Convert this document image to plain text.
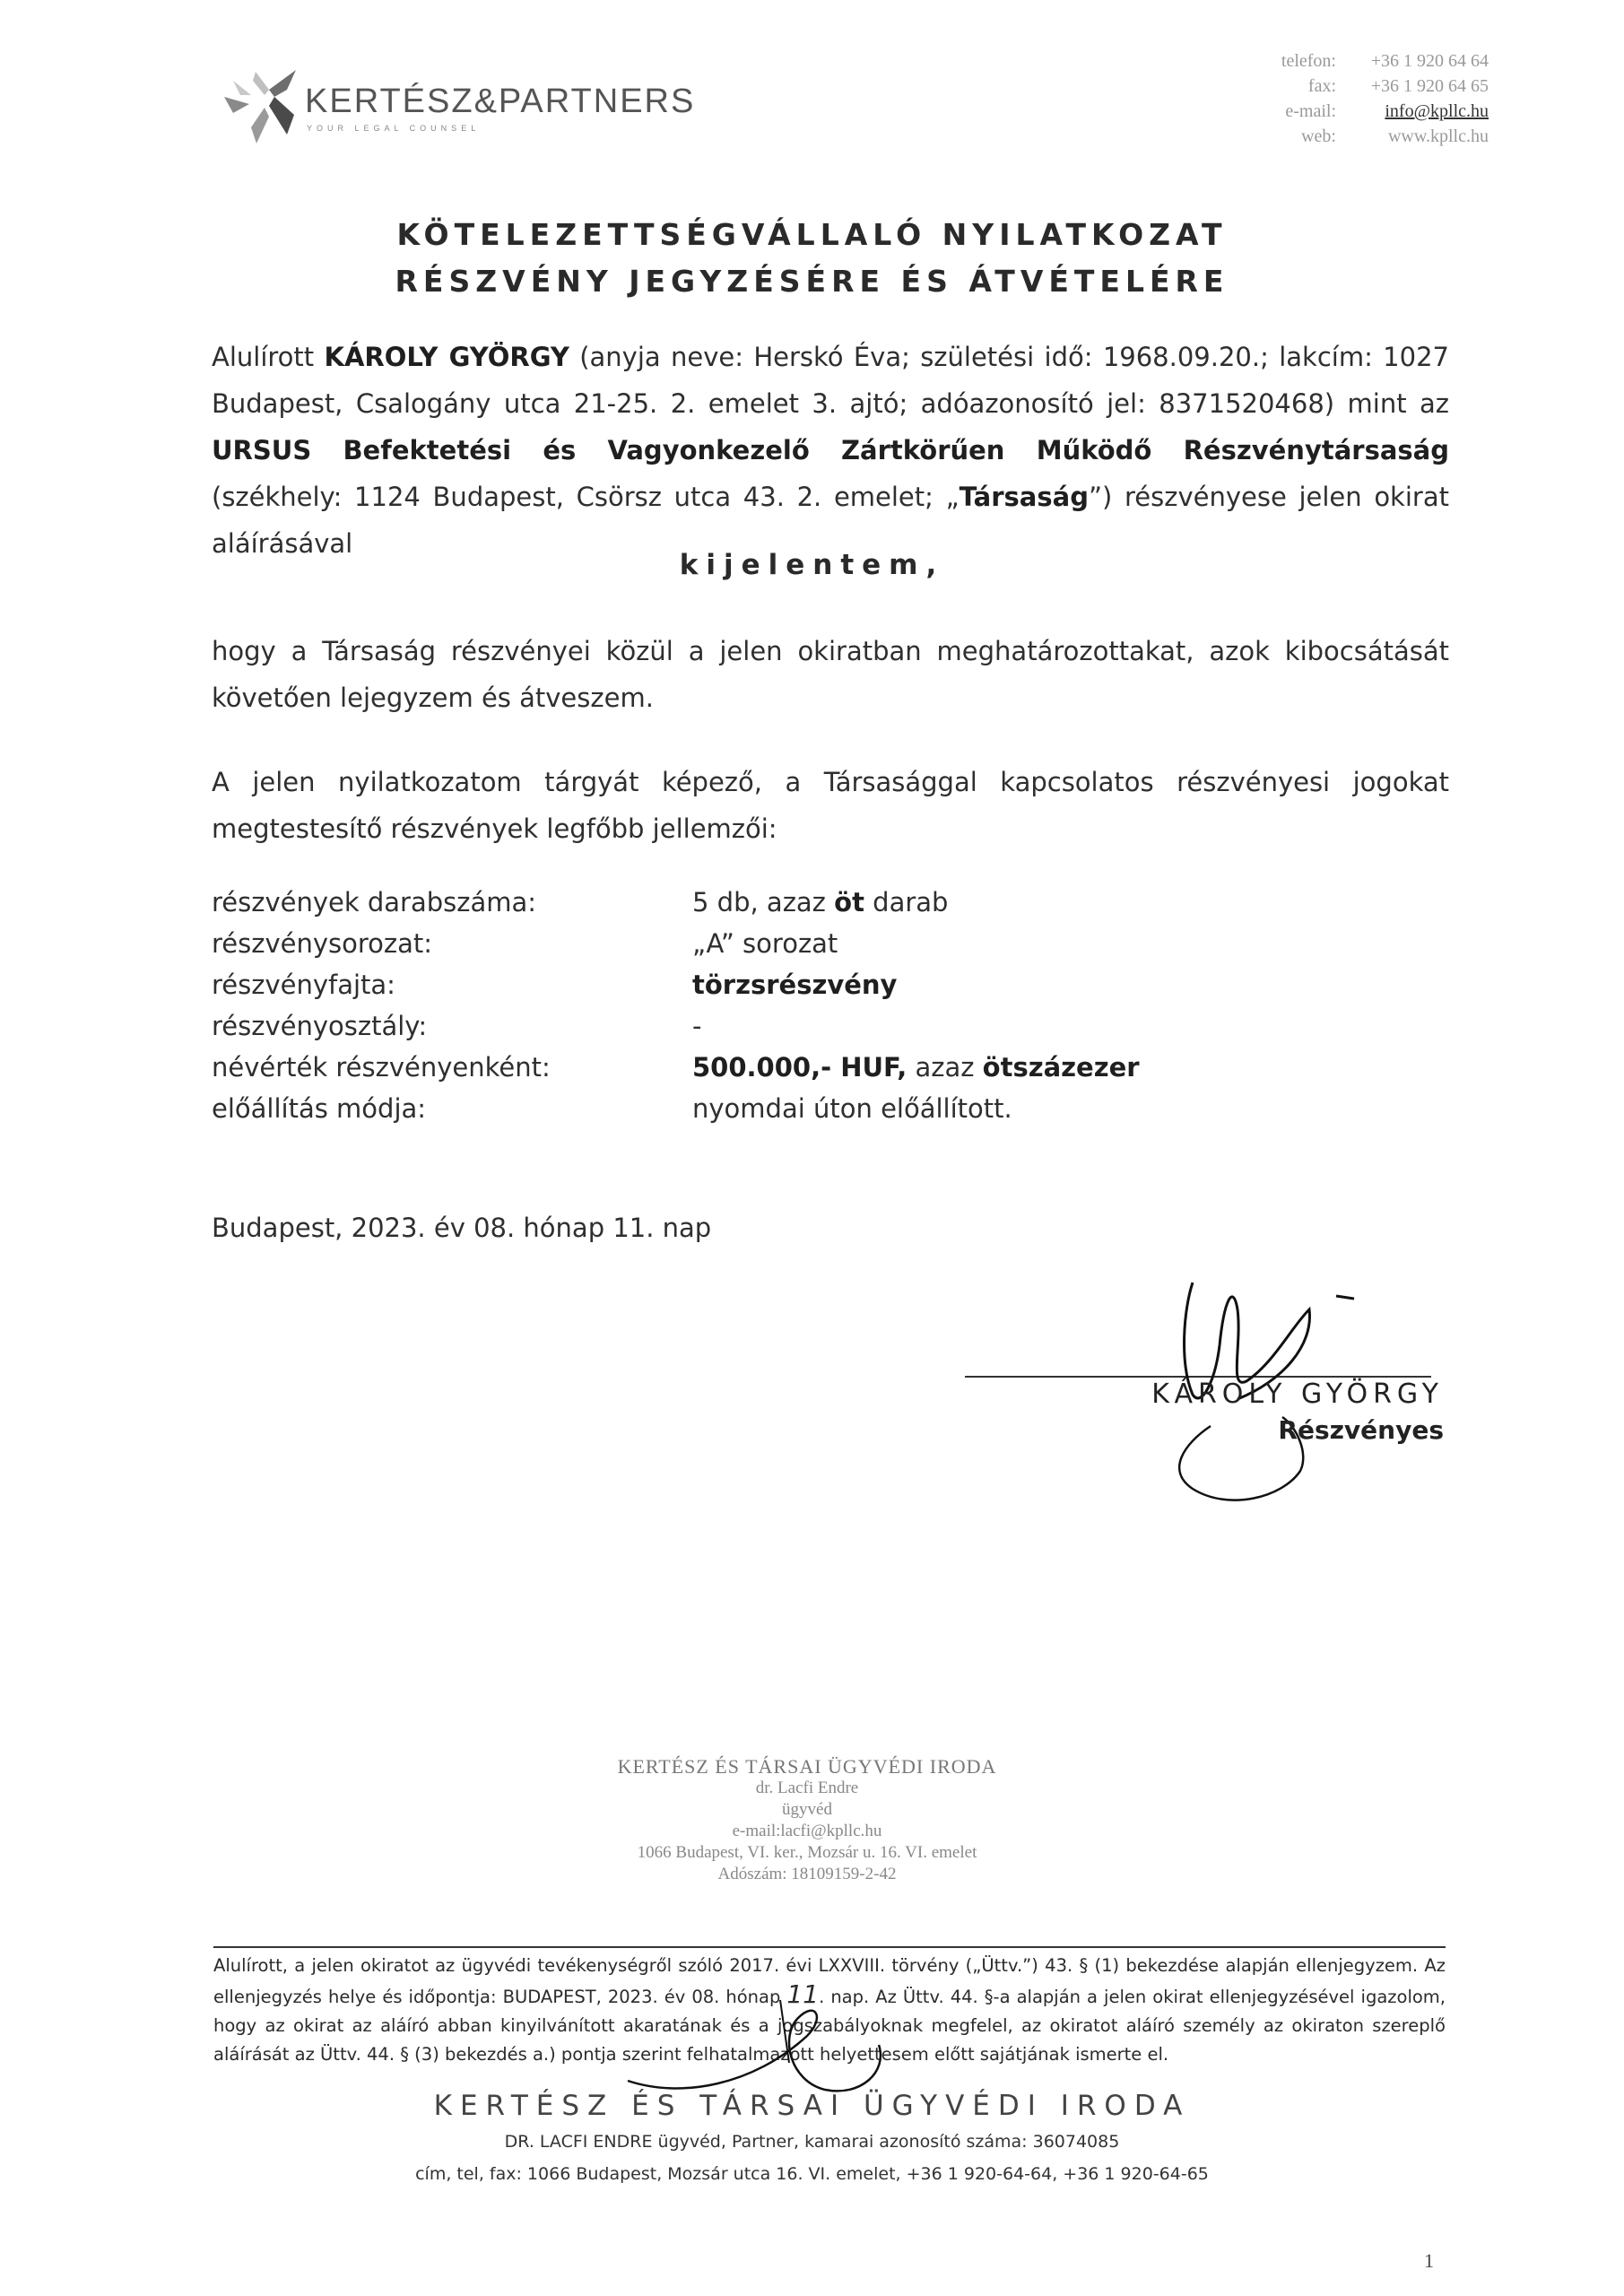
KERTÉSZ&PARTNERS
YOUR LEGAL COUNSEL
telefon:	+36 1 920 64 64
fax:	+36 1 920 64 65
e-mail:	info@kpllc.hu
web:	www.kpllc.hu
KÖTELEZETTSÉGVÁLLALÓ NYILATKOZAT
RÉSZVÉNY JEGYZÉSÉRE ÉS ÁTVÉTELÉRE
Alulírott KÁROLY GYÖRGY (anyja neve: Herskó Éva; születési idő: 1968.09.20.; lakcím: 1027 Budapest, Csalogány utca 21-25. 2. emelet 3. ajtó; adóazonosító jel: 8371520468) mint az URSUS Befektetési és Vagyonkezelő Zártkörűen Működő Részvénytársaság (székhely: 1124 Budapest, Csörsz utca 43. 2. emelet; „Társaság”) részvényese jelen okirat aláírásával
kijelentem,
hogy a Társaság részvényei közül a jelen okiratban meghatározottakat, azok kibocsátását követően lejegyzem és átveszem.
A jelen nyilatkozatom tárgyát képező, a Társasággal kapcsolatos részvényesi jogokat megtestesítő részvények legfőbb jellemzői:
részvények darabszáma:	5 db, azaz öt darab
részvénysorozat:	„A” sorozat
részvényfajta:	törzsrészvény
részvényosztály:	-
névérték részvényenként:	500.000,- HUF, azaz ötszázezer
előállítás módja:	nyomdai úton előállított.
Budapest, 2023. év 08. hónap 11. nap
KÁROLY GYÖRGY
Részvényes
KERTÉSZ ÉS TÁRSAI ÜGYVÉDI IRODA
dr. Lacfi Endre
ügyvéd
e-mail:lacfi@kpllc.hu
1066 Budapest, VI. ker., Mozsár u. 16. VI. emelet
Adószám: 18109159-2-42
Alulírott, a jelen okiratot az ügyvédi tevékenységről szóló 2017. évi LXXVIII. törvény („Üttv.”) 43. § (1) bekezdése alapján ellenjegyzem. Az ellenjegyzés helye és időpontja: BUDAPEST, 2023. év 08. hónap 11. nap. Az Üttv. 44. §-a alapján a jelen okirat ellenjegyzésével igazolom, hogy az okirat az aláíró abban kinyilvánított akaratának és a jogszabályoknak megfelel, az okiratot aláíró személy az okiraton szereplő aláírását az Üttv. 44. § (3) bekezdés a.) pontja szerint felhatalmazott helyettesem előtt sajátjának ismerte el.
KERTÉSZ ÉS TÁRSAI ÜGYVÉDI IRODA
DR. LACFI ENDRE ügyvéd, Partner, kamarai azonosító száma: 36074085
cím, tel, fax: 1066 Budapest, Mozsár utca 16. VI. emelet, +36 1 920-64-64, +36 1 920-64-65
1
